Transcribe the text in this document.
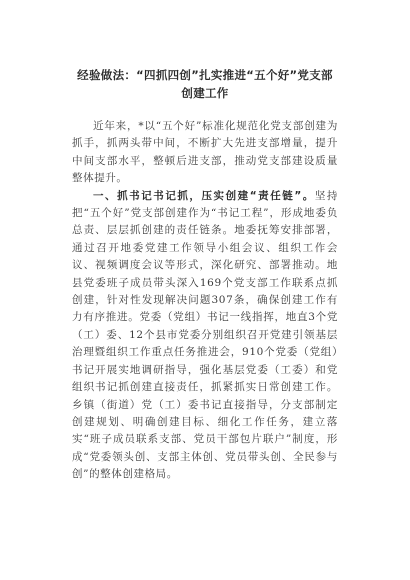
经验做法：“四抓四创”扎实推进“五个好”党支部创建工作

近年来，*以“五个好”标准化规范化党支部创建为抓手，抓两头带中间，不断扩大先进支部增量，提升中间支部水平，整顿后进支部，推动党支部建设质量整体提升。

一、抓书记书记抓，压实创建“责任链”。坚持把“五个好”党支部创建作为“书记工程”，形成地委负总责、层层抓创建的责任链条。地委抚筹安排部署，通过召开地委党建工作领导小组会议、组织工作会议、视频调度会议等形式，深化研究、部署推动。地县党委班子成员带头深入169个党支部工作联系点抓创建，针对性发现解决问题307条，确保创建工作有力有序推进。党委（党组）书记一线指挥，地直3个党（工）委、12个县市党委分别组织召开党建引领基层治理暨组织工作重点任务推进会，910个党委（党组）书记开展实地调研指导，强化基层党委（工委）和党组织书记抓创建直接责任，抓紧抓实日常创建工作。乡镇（街道）党（工）委书记直接指导，分支部制定创建规划、明确创建目标、细化工作任务，建立落实“班子成员联系支部、党员干部包片联户”制度，形成“党委领头创、支部主体创、党员带头创、全民参与创”的整体创建格局。
